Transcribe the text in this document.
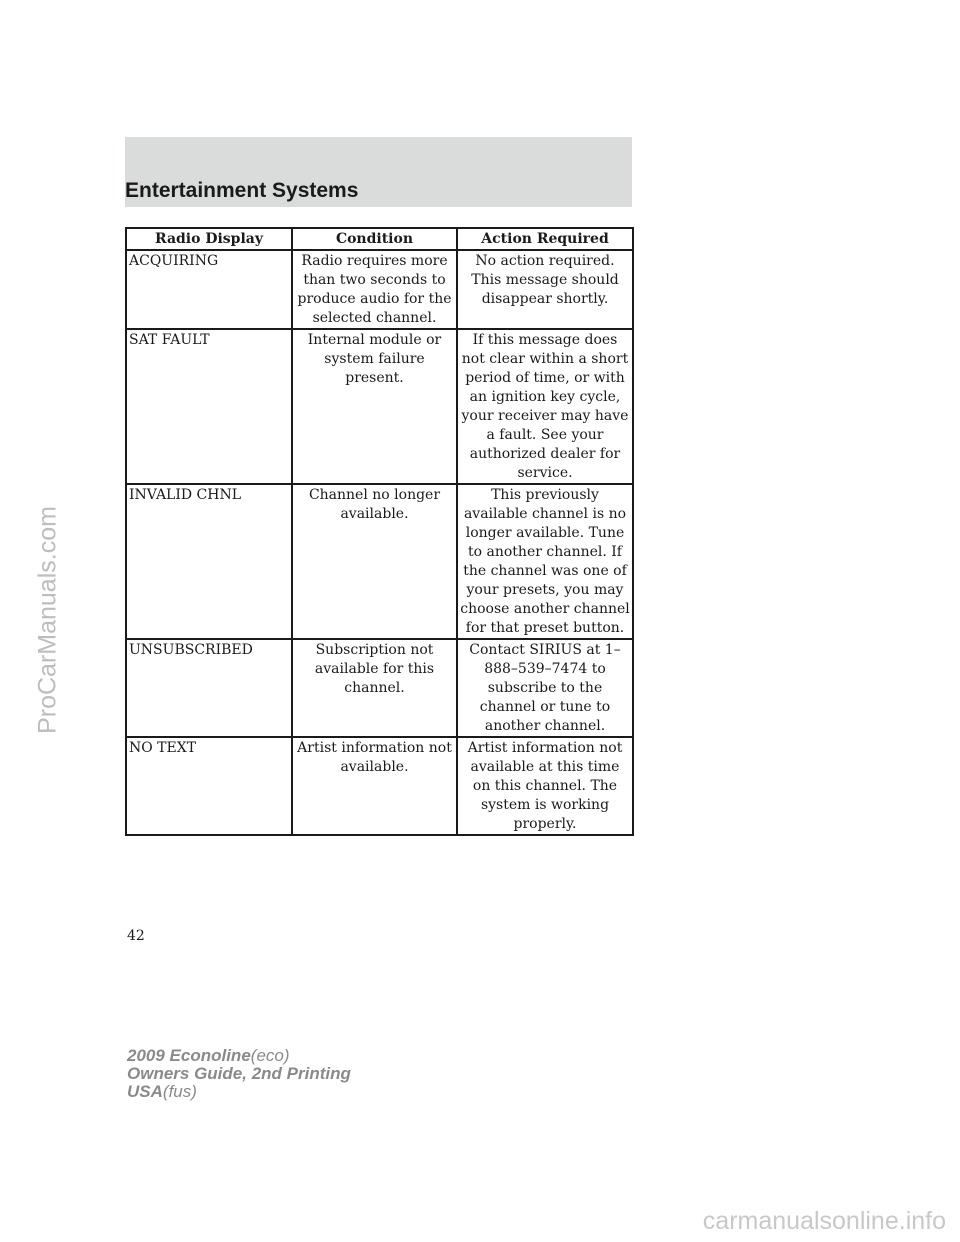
Entertainment Systems
Radio Display	Condition	Action Required
ACQUIRING	Radio requires more than two seconds to produce audio for the selected channel.	No action required. This message should disappear shortly.
SAT FAULT	Internal module or system failure present.	If this message does not clear within a short period of time, or with an ignition key cycle, your receiver may have a fault. See your authorized dealer for service.
INVALID CHNL	Channel no longer available.	This previously available channel is no longer available. Tune to another channel. If the channel was one of your presets, you may choose another channel for that preset button.
UNSUBSCRIBED	Subscription not available for this channel.	Contact SIRIUS at 1–888–539–7474 to subscribe to the channel or tune to another channel.
NO TEXT	Artist information not available.	Artist information not available at this time on this channel. The system is working properly.
42
2009 Econoline(eco)
Owners Guide, 2nd Printing
USA(fus)
ProCarManuals.com
carmanualsonline.info
